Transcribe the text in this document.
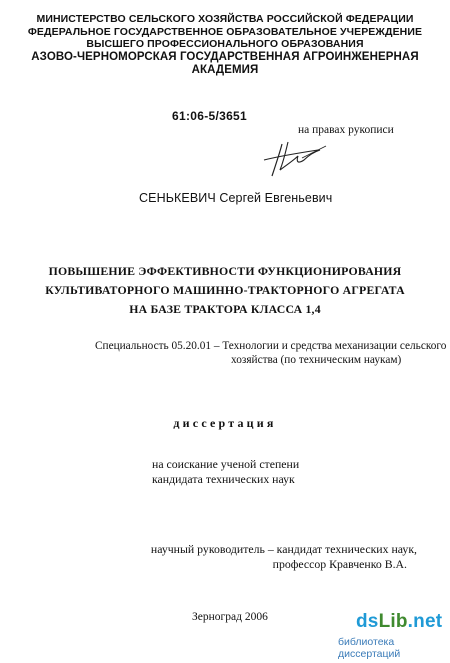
МИНИСТЕРСТВО СЕЛЬСКОГО ХОЗЯЙСТВА РОССИЙСКОЙ ФЕДЕРАЦИИ
ФЕДЕРАЛЬНОЕ ГОСУДАРСТВЕННОЕ ОБРАЗОВАТЕЛЬНОЕ УЧЕРЕЖДЕНИЕ
ВЫСШЕГО ПРОФЕССИОНАЛЬНОГО ОБРАЗОВАНИЯ
АЗОВО-ЧЕРНОМОРСКАЯ ГОСУДАРСТВЕННАЯ АГРОИНЖЕНЕРНАЯ
АКАДЕМИЯ
61:06-5/3651
на правах рукописи
СЕНЬКЕВИЧ Сергей Евгеньевич
ПОВЫШЕНИЕ ЭФФЕКТИВНОСТИ ФУНКЦИОНИРОВАНИЯ
КУЛЬТИВАТОРНОГО МАШИННО-ТРАКТОРНОГО АГРЕГАТА
НА БАЗЕ ТРАКТОРА КЛАССА 1,4
Специальность 05.20.01 – Технологии и средства механизации сельского
хозяйства (по техническим наукам)
диссертация
на соискание ученой степени
кандидата технических наук
научный руководитель – кандидат технических наук,
профессор Кравченко В.А.
Зерноград 2006	dsLib.net
библиотека диссертаций
